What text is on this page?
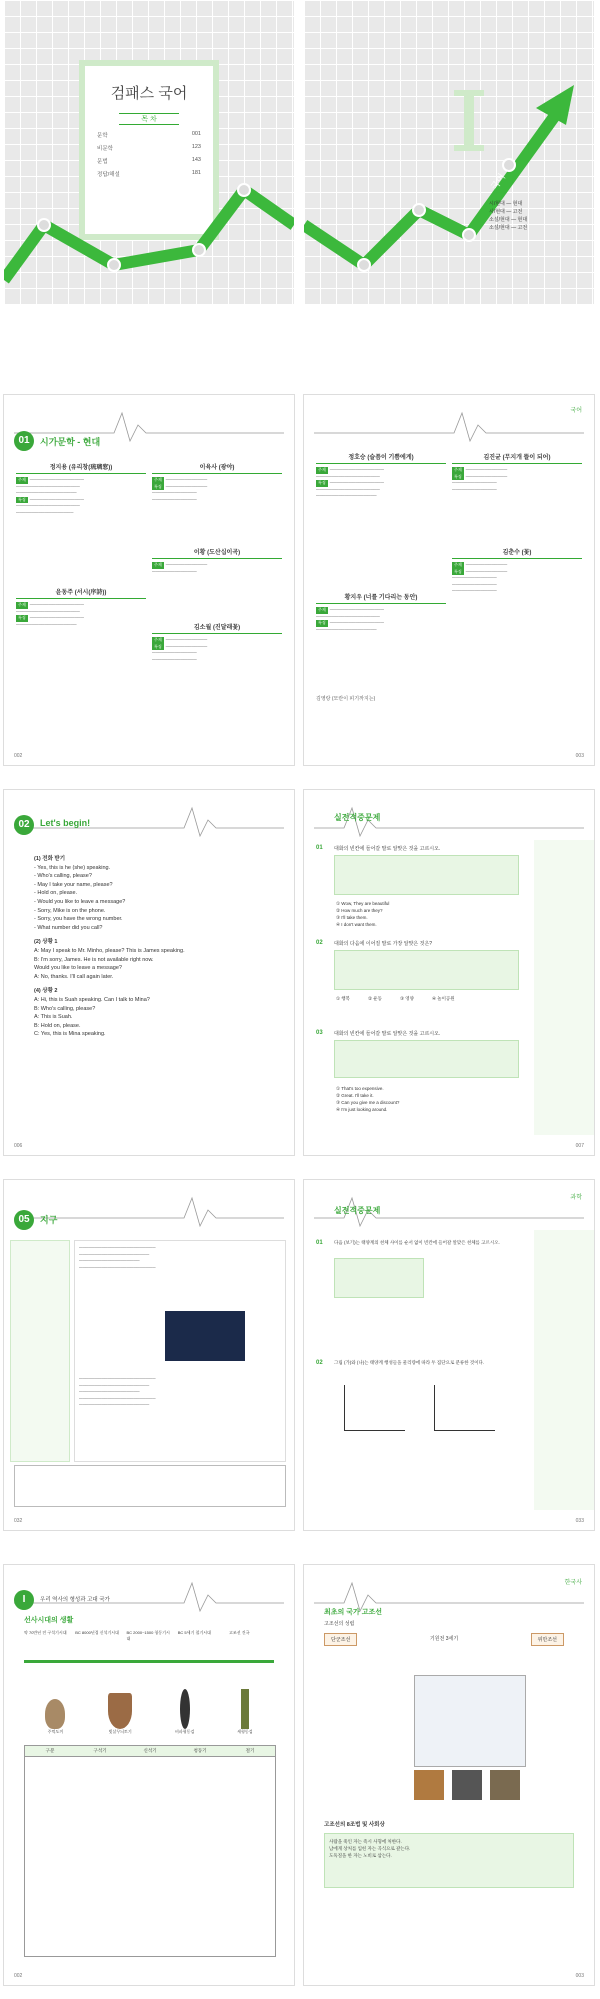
검패스 국어
목 차
문학	001
비문학	123
문법	143
정답/해설	181	국어
시/현대 — 현대
시/현대 — 고전
소설/현대 — 현대
소설/현대 — 고전
01	시가문학 - 현대
정지용 (유리창(琉璃窓))
주제 ─────────────────
────────────────────
───────────────────
특징 ─────────────────
────────────────────
──────────────────
이육사 (광야)
주제 ─────────────
특징 ─────────────
──────────────
──────────────
윤동주 (서시(序詩))
주제 ─────────────────
────────────────────
특징 ─────────────────
───────────────────
이황 (도산십이곡)
주제 ─────────────
──────────────
김소월 (진달래꽃)
주제 ─────────────
특징 ─────────────
──────────────
──────────────
002
국어
정호승 (슬픔이 기쁨에게)
주제 ─────────────────
────────────────────
특징 ─────────────────
────────────────────
───────────────────
김진균 (무지개 뜰이 되어)
주제 ─────────────
특징 ─────────────
──────────────
──────────────
김춘수 (꽃)
주제 ─────────────
특징 ─────────────
──────────────
──────────────
──────────────
황지우 (너를 기다리는 동안)
주제 ─────────────────
────────────────────
특징 ─────────────────
───────────────────
김영랑 (모란이 피기까지는)
003
02	Let's begin!
(1) 전화 받기
- Yes, this is he (she) speaking.
- Who's calling, please?
- May I take your name, please?
- Hold on, please.
- Would you like to leave a message?
- Sorry, Mike is on the phone.
- Sorry, you have the wrong number.
- What number did you call?
(2) 상황 1
A: May I speak to Mr. Minho, please? This is James speaking.
B: I'm sorry, James. He is not available right now.
Would you like to leave a message?
A: No, thanks. I'll call again later.
(4) 상황 2
A: Hi, this is Suah speaking. Can I talk to Mina?
B: Who's calling, please?
A: This is Suah.
B: Hold on, please.
C: Yes, this is Mina speaking.
006
실전적중문제
01 대화의 빈칸에 들어갈 말로 알맞은 것을 고르시오.
① Wow, They are beautiful
② How much are they?
③ I'll take them.
④ I don't want them.
02 대화의 다음에 이어질 말로 가장 알맞은 것은?
① 행복	② 운동	③ 영양	④ 놀이공원
03 대화의 빈칸에 들어갈 말로 알맞은 것을 고르시오.
① That's too expensive.
② Great. I'll take it.
③ Can you give me a discount?
④ I'm just looking around.
007
05	지구
────────────────────────
──────────────────────
───────────────────
────────────────────────
────────────────────────
──────────────────────
───────────────────
────────────────────────
──────────────────────
032
과학
실전적중문제
01	다음 (보기)는 태양계의 천체 사이를 순서 없이 빈칸에 들어갈 알맞은 천체를 고르시오.
02	그림 (가)와 (나)는 태양계 행성들을 물리량에 따라 두 집단으로 분류한 것이다.
033
I	우리 역사의 형성과 고대 국가
선사시대의 생활
약 70만년 전 구석기시대	BC 8000년경 신석기시대	BC 2000~1500 청동기시대
BC 5세기 철기시대	고조선 건국
주먹도끼	빗살무늬토기	비파형동검	세형동검
구분	구석기	신석기	청동기	철기
002
한국사
최초의 국가 고조선
고조선의 성립
단군조선	기원전 3세기	위만조선
고조선의 8조법 및 사회상
사람을 죽인 자는 즉시 사형에 처한다.
남에게 상처를 입힌 자는 곡식으로 갚는다.
도둑질을 한 자는 노비로 삼는다.
003
